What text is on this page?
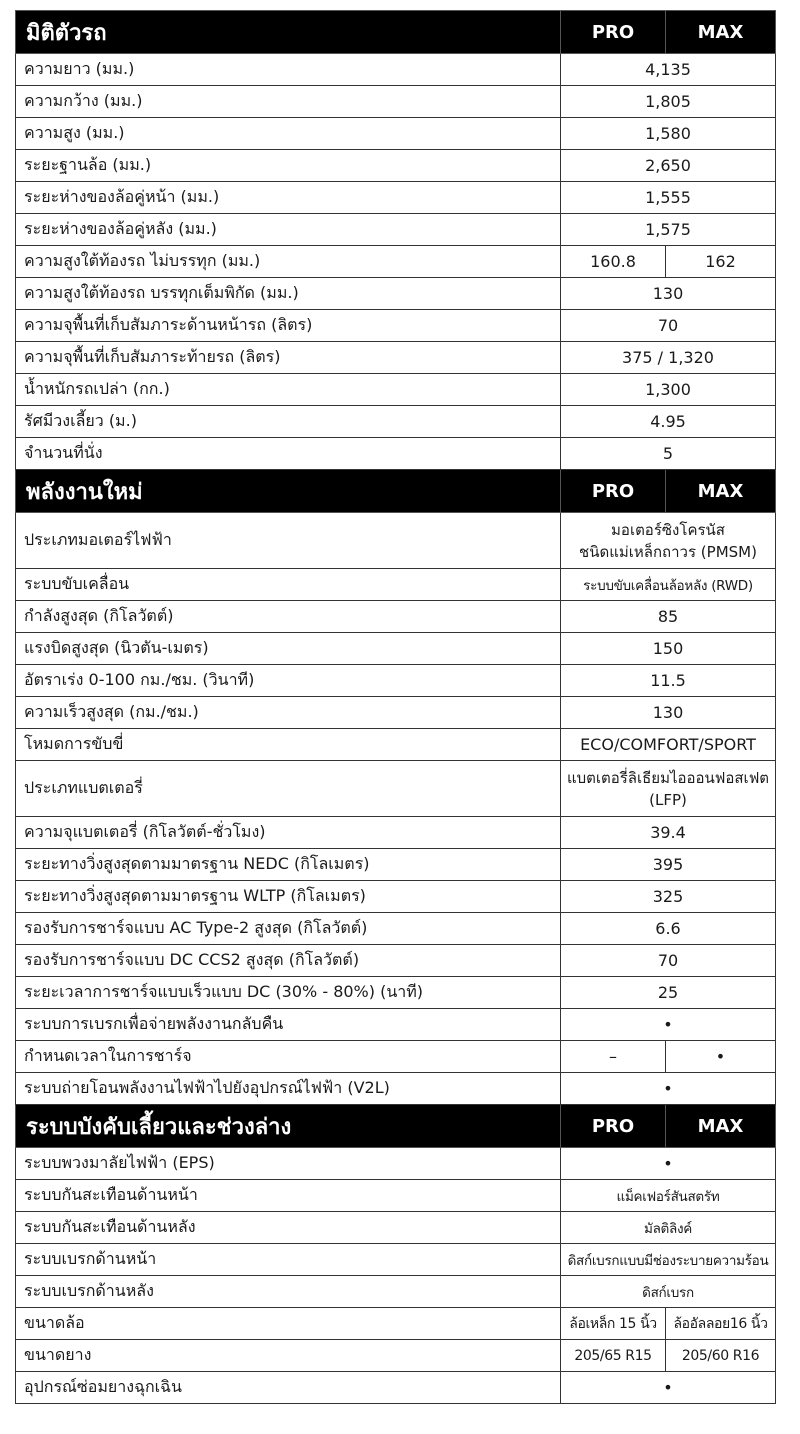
มิติตัวรถ	PRO	MAX
ความยาว (มม.)	4,135	
ความกว้าง (มม.)	1,805	
ความสูง (มม.)	1,580	
ระยะฐานล้อ (มม.)	2,650	
ระยะห่างของล้อคู่หน้า (มม.)	1,555	
ระยะห่างของล้อคู่หลัง (มม.)	1,575	
ความสูงใต้ท้องรถ ไม่บรรทุก (มม.)	160.8	162
ความสูงใต้ท้องรถ บรรทุกเต็มพิกัด (มม.)	130	
ความจุพื้นที่เก็บสัมภาระด้านหน้ารถ (ลิตร)	70	
ความจุพื้นที่เก็บสัมภาระท้ายรถ (ลิตร)	375 / 1,320	
น้ำหนักรถเปล่า (กก.)	1,300	
รัศมีวงเลี้ยว (ม.)	4.95	
จำนวนที่นั่ง	5	
พลังงานใหม่	PRO	MAX
ประเภทมอเตอร์ไฟฟ้า	มอเตอร์ซิงโครนัส
ชนิดแม่เหล็กถาวร (PMSM)	
ระบบขับเคลื่อน	ระบบขับเคลื่อนล้อหลัง (RWD)	
กำลังสูงสุด (กิโลวัตต์)	85	
แรงบิดสูงสุด (นิวตัน-เมตร)	150	
อัตราเร่ง 0-100 กม./ชม. (วินาที)	11.5	
ความเร็วสูงสุด (กม./ชม.)	130	
โหมดการขับขี่	ECO/COMFORT/SPORT	
ประเภทแบตเตอรี่	แบตเตอรี่ลิเธียมไอออนฟอสเฟต
(LFP)	
ความจุแบตเตอรี่ (กิโลวัตต์-ชั่วโมง)	39.4	
ระยะทางวิ่งสูงสุดตามมาตรฐาน NEDC (กิโลเมตร)	395	
ระยะทางวิ่งสูงสุดตามมาตรฐาน WLTP (กิโลเมตร)	325	
รองรับการชาร์จแบบ AC Type-2 สูงสุด (กิโลวัตต์)	6.6	
รองรับการชาร์จแบบ DC CCS2 สูงสุด (กิโลวัตต์)	70	
ระยะเวลาการชาร์จแบบเร็วแบบ DC (30% - 80%) (นาที)	25	
ระบบการเบรกเพื่อจ่ายพลังงานกลับคืน	•	
กำหนดเวลาในการชาร์จ	–	•
ระบบถ่ายโอนพลังงานไฟฟ้าไปยังอุปกรณ์ไฟฟ้า (V2L)	•	
ระบบบังคับเลี้ยวและช่วงล่าง	PRO	MAX
ระบบพวงมาลัยไฟฟ้า (EPS)	•	
ระบบกันสะเทือนด้านหน้า	แม็คเฟอร์สันสตรัท	
ระบบกันสะเทือนด้านหลัง	มัลติลิงค์	
ระบบเบรกด้านหน้า	ดิสก์เบรกแบบมีช่องระบายความร้อน	
ระบบเบรกด้านหลัง	ดิสก์เบรก	
ขนาดล้อ	ล้อเหล็ก 15 นิ้ว	ล้ออัลลอย16 นิ้ว
ขนาดยาง	205/65 R15	205/60 R16
อุปกรณ์ซ่อมยางฉุกเฉิน	•	
